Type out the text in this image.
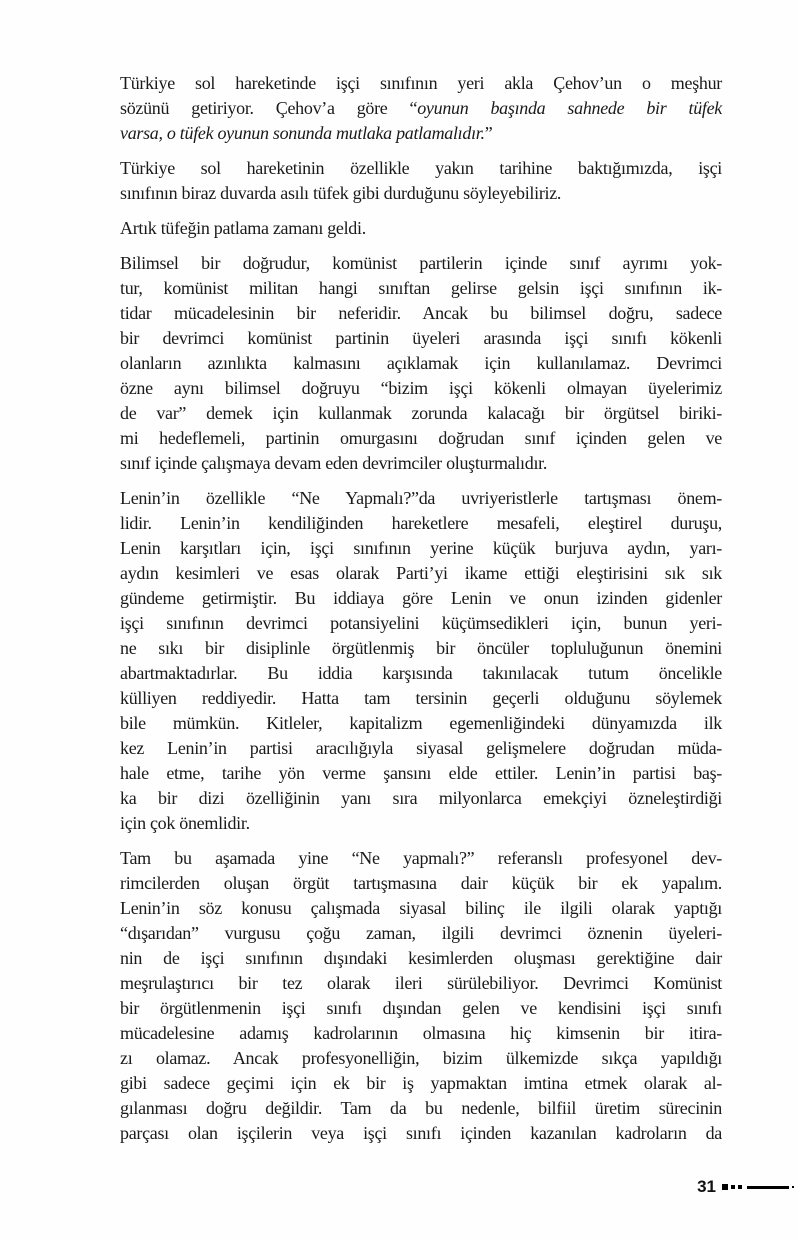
Türkiye sol hareketinde işçi sınıfının yeri akla Çehov’un o meşhur
sözünü getiriyor. Çehov’a göre “oyunun başında sahnede bir tüfek
varsa, o tüfek oyunun sonunda mutlaka patlamalıdır.”
Türkiye sol hareketinin özellikle yakın tarihine baktığımızda, işçi
sınıfının biraz duvarda asılı tüfek gibi durduğunu söyleyebiliriz.
Artık tüfeğin patlama zamanı geldi.
Bilimsel bir doğrudur, komünist partilerin içinde sınıf ayrımı yok-
tur, komünist militan hangi sınıftan gelirse gelsin işçi sınıfının ik-
tidar mücadelesinin bir neferidir. Ancak bu bilimsel doğru, sadece
bir devrimci komünist partinin üyeleri arasında işçi sınıfı kökenli
olanların azınlıkta kalmasını açıklamak için kullanılamaz. Devrimci
özne aynı bilimsel doğruyu “bizim işçi kökenli olmayan üyelerimiz
de var” demek için kullanmak zorunda kalacağı bir örgütsel biriki-
mi hedeflemeli, partinin omurgasını doğrudan sınıf içinden gelen ve
sınıf içinde çalışmaya devam eden devrimciler oluşturmalıdır.
Lenin’in özellikle “Ne Yapmalı?”da uvriyeristlerle tartışması önem-
lidir. Lenin’in kendiliğinden hareketlere mesafeli, eleştirel duruşu,
Lenin karşıtları için, işçi sınıfının yerine küçük burjuva aydın, yarı-
aydın kesimleri ve esas olarak Parti’yi ikame ettiği eleştirisini sık sık
gündeme getirmiştir. Bu iddiaya göre Lenin ve onun izinden gidenler
işçi sınıfının devrimci potansiyelini küçümsedikleri için, bunun yeri-
ne sıkı bir disiplinle örgütlenmiş bir öncüler topluluğunun önemini
abartmaktadırlar. Bu iddia karşısında takınılacak tutum öncelikle
külliyen reddiyedir. Hatta tam tersinin geçerli olduğunu söylemek
bile mümkün. Kitleler, kapitalizm egemenliğindeki dünyamızda ilk
kez Lenin’in partisi aracılığıyla siyasal gelişmelere doğrudan müda-
hale etme, tarihe yön verme şansını elde ettiler. Lenin’in partisi baş-
ka bir dizi özelliğinin yanı sıra milyonlarca emekçiyi özneleştirdiği
için çok önemlidir.
Tam bu aşamada yine “Ne yapmalı?” referanslı profesyonel dev-
rimcilerden oluşan örgüt tartışmasına dair küçük bir ek yapalım.
Lenin’in söz konusu çalışmada siyasal bilinç ile ilgili olarak yaptığı
“dışarıdan” vurgusu çoğu zaman, ilgili devrimci öznenin üyeleri-
nin de işçi sınıfının dışındaki kesimlerden oluşması gerektiğine dair
meşrulaştırıcı bir tez olarak ileri sürülebiliyor. Devrimci Komünist
bir örgütlenmenin işçi sınıfı dışından gelen ve kendisini işçi sınıfı
mücadelesine adamış kadrolarının olmasına hiç kimsenin bir itira-
zı olamaz. Ancak profesyonelliğin, bizim ülkemizde sıkça yapıldığı
gibi sadece geçimi için ek bir iş yapmaktan imtina etmek olarak al-
gılanması doğru değildir. Tam da bu nedenle, bilfiil üretim sürecinin
parçası olan işçilerin veya işçi sınıfı içinden kazanılan kadroların da
31
